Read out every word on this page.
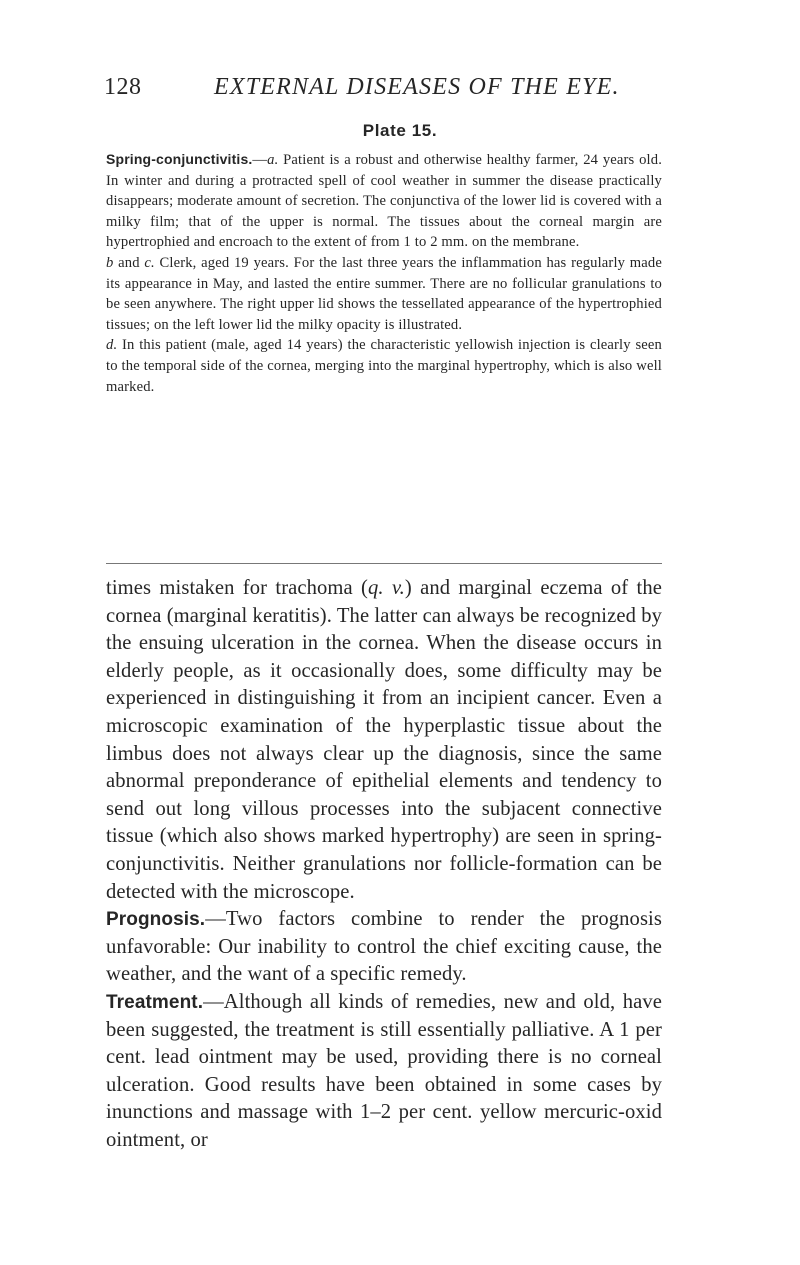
128	EXTERNAL DISEASES OF THE EYE.
Plate 15.

Spring-conjunctivitis.—a. Patient is a robust and otherwise healthy farmer, 24 years old. In winter and during a protracted spell of cool weather in summer the disease practically disappears; moderate amount of secretion. The conjunctiva of the lower lid is covered with a milky film; that of the upper is normal. The tissues about the corneal margin are hypertrophied and encroach to the extent of from 1 to 2 mm. on the membrane.

b and c. Clerk, aged 19 years. For the last three years the inflammation has regularly made its appearance in May, and lasted the entire summer. There are no follicular granulations to be seen anywhere. The right upper lid shows the tessellated appearance of the hypertrophied tissues; on the left lower lid the milky opacity is illustrated.

d. In this patient (male, aged 14 years) the characteristic yellowish injection is clearly seen to the temporal side of the cornea, merging into the marginal hypertrophy, which is also well marked.

times mistaken for trachoma (q. v.) and marginal eczema of the cornea (marginal keratitis). The latter can always be recognized by the ensuing ulceration in the cornea. When the disease occurs in elderly people, as it occasionally does, some difficulty may be experienced in distinguishing it from an incipient cancer. Even a microscopic examination of the hyperplastic tissue about the limbus does not always clear up the diagnosis, since the same abnormal preponderance of epithelial elements and tendency to send out long villous processes into the subjacent connective tissue (which also shows marked hypertrophy) are seen in spring-conjunctivitis. Neither granulations nor follicle-formation can be detected with the microscope.

Prognosis.—Two factors combine to render the prognosis unfavorable: Our inability to control the chief exciting cause, the weather, and the want of a specific remedy.

Treatment.—Although all kinds of remedies, new and old, have been suggested, the treatment is still essentially palliative. A 1 per cent. lead ointment may be used, providing there is no corneal ulceration. Good results have been obtained in some cases by inunctions and massage with 1–2 per cent. yellow mercuric-oxid ointment, or
